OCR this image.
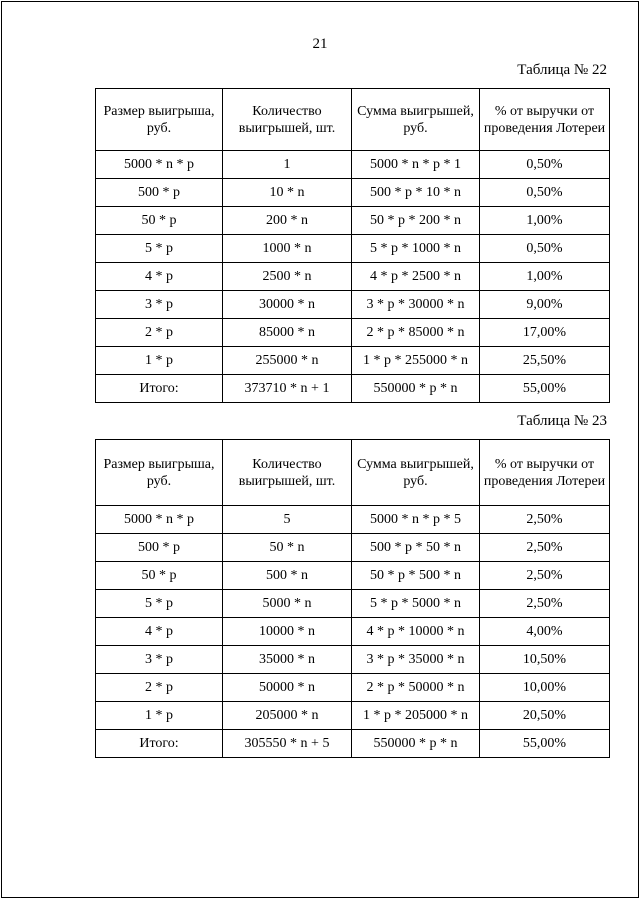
21
Таблица № 22
Размер выигрыша, руб.	Количество выигрышей, шт.	Сумма выигрышей, руб.	% от выручки от проведения Лотереи
5000 * n * p	1	5000 * n * p * 1	0,50%
500 * p	10 * n	500 * p * 10 * n	0,50%
50 * p	200 * n	50 * p * 200 * n	1,00%
5 * p	1000 * n	5 * p * 1000 * n	0,50%
4 * p	2500 * n	4 * p * 2500 * n	1,00%
3 * p	30000 * n	3 * p * 30000 * n	9,00%
2 * p	85000 * n	2 * p * 85000 * n	17,00%
1 * p	255000 * n	1 * p * 255000 * n	25,50%
Итого:	373710 * n + 1	550000 * p * n	55,00%
Таблица № 23
Размер выигрыша, руб.	Количество выигрышей, шт.	Сумма выигрышей, руб.	% от выручки от проведения Лотереи
5000 * n * p	5	5000 * n * p * 5	2,50%
500 * p	50 * n	500 * p * 50 * n	2,50%
50 * p	500 * n	50 * p * 500 * n	2,50%
5 * p	5000 * n	5 * p * 5000 * n	2,50%
4 * p	10000 * n	4 * p * 10000 * n	4,00%
3 * p	35000 * n	3 * p * 35000 * n	10,50%
2 * p	50000 * n	2 * p * 50000 * n	10,00%
1 * p	205000 * n	1 * p * 205000 * n	20,50%
Итого:	305550 * n + 5	550000 * p * n	55,00%
